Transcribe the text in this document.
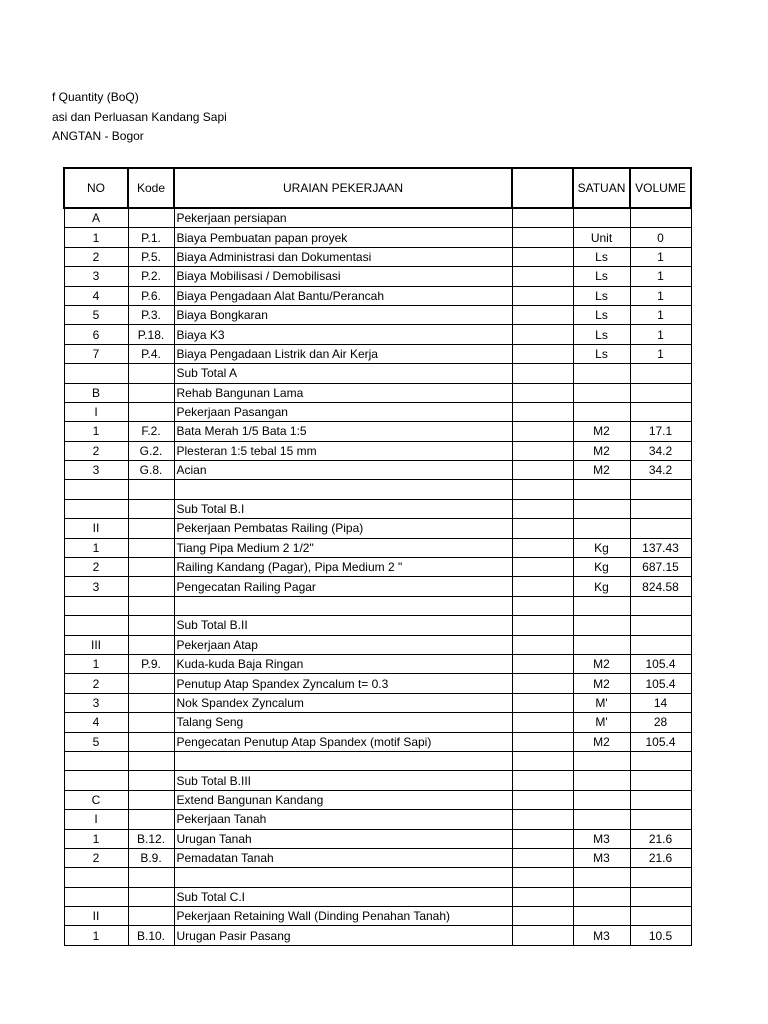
f Quantity (BoQ)
asi dan Perluasan Kandang Sapi
ANGTAN - Bogor
NO	Kode	URAIAN PEKERJAAN		SATUAN	VOLUME
A		Pekerjaan persiapan			
1	P.1.	Biaya Pembuatan papan proyek		Unit	0
2	P.5.	Biaya Administrasi dan Dokumentasi		Ls	1
3	P.2.	Biaya Mobilisasi / Demobilisasi		Ls	1
4	P.6.	Biaya Pengadaan Alat Bantu/Perancah		Ls	1
5	P.3.	Biaya Bongkaran		Ls	1
6	P.18.	Biaya K3		Ls	1
7	P.4.	Biaya Pengadaan Listrik dan Air Kerja		Ls	1
		Sub Total A			
B		Rehab Bangunan Lama			
I		Pekerjaan Pasangan			
1	F.2.	Bata Merah 1/5 Bata 1:5		M2	17.1
2	G.2.	Plesteran 1:5 tebal 15 mm		M2	34.2
3	G.8.	Acian		M2	34.2

		Sub Total B.I			
II		Pekerjaan Pembatas Railing (Pipa)			
1		Tiang Pipa Medium 2 1/2"		Kg	137.43
2		Railing Kandang (Pagar), Pipa Medium 2 "		Kg	687.15
3		Pengecatan Railing Pagar		Kg	824.58

		Sub Total B.II			
III		Pekerjaan Atap			
1	P.9.	Kuda-kuda Baja Ringan		M2	105.4
2		Penutup Atap Spandex Zyncalum t= 0.3		M2	105.4
3		Nok Spandex Zyncalum		M'	14
4		Talang Seng		M'	28
5		Pengecatan Penutup Atap Spandex (motif Sapi)		M2	105.4

		Sub Total B.III			
C		Extend Bangunan Kandang			
I		Pekerjaan Tanah			
1	B.12.	Urugan Tanah		M3	21.6
2	B.9.	Pemadatan Tanah		M3	21.6

		Sub Total C.I			
II		Pekerjaan Retaining Wall (Dinding Penahan Tanah)			
1	B.10.	Urugan Pasir Pasang		M3	10.5
